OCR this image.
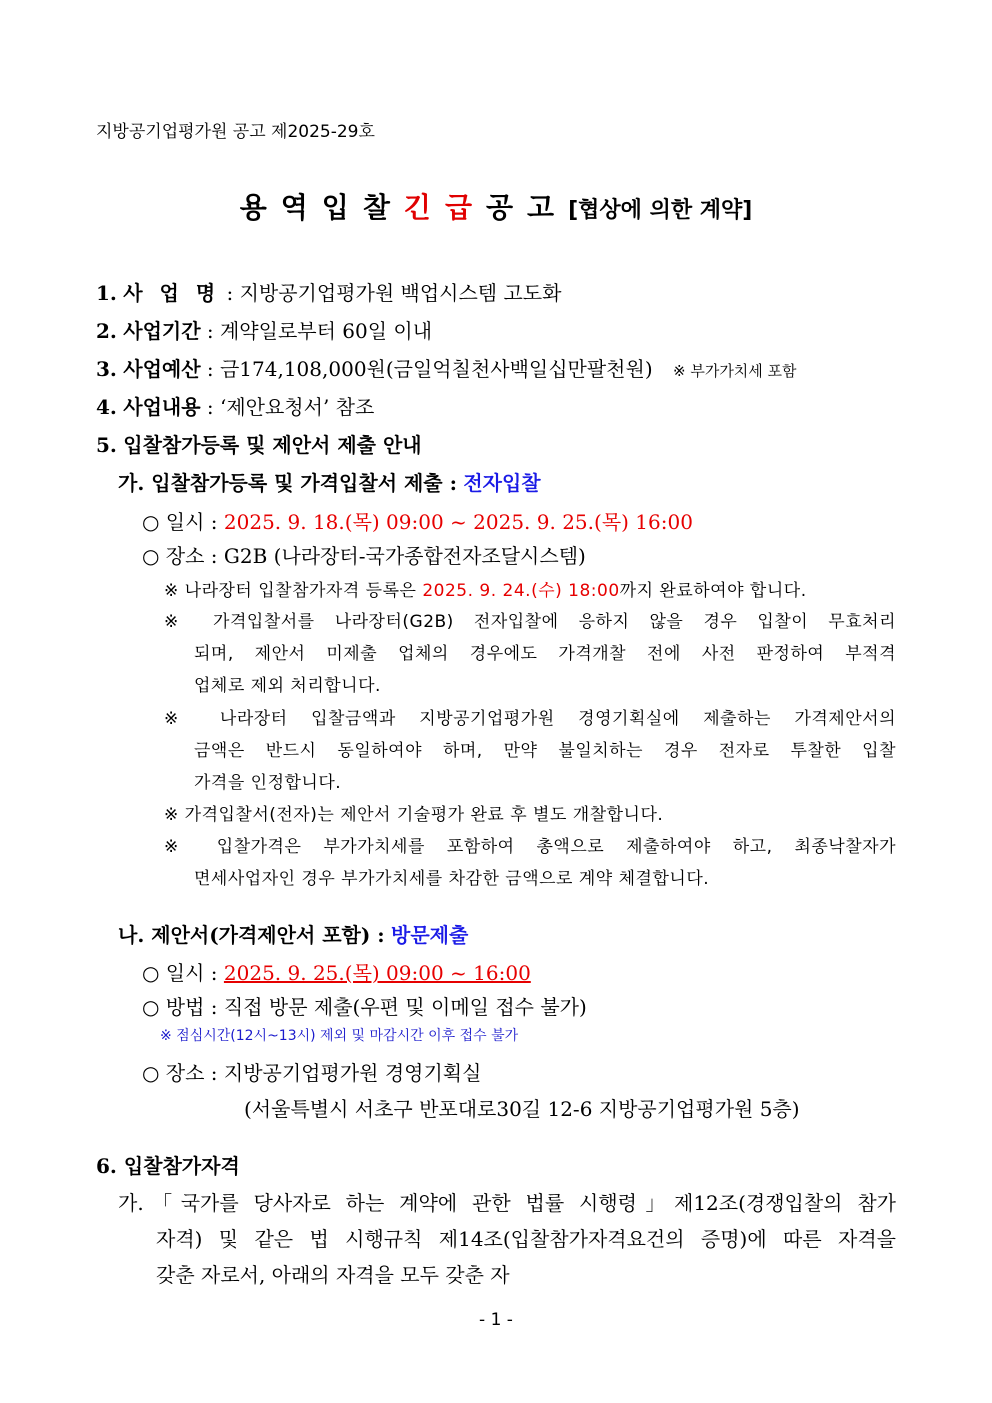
지방공기업평가원 공고 제2025-29호
용역입찰긴급공고[협상에 의한 계약]
1. 사 업 명 : 지방공기업평가원 백업시스템 고도화
2. 사업기간 : 계약일로부터 60일 이내
3. 사업예산 : 금174,108,000원(금일억칠천사백일십만팔천원) ※ 부가가치세 포함
4. 사업내용 : ‘제안요청서’ 참조
5. 입찰참가등록 및 제안서 제출 안내
가. 입찰참가등록 및 가격입찰서 제출 : 전자입찰
○ 일시 : 2025. 9. 18.(목) 09:00 ~ 2025. 9. 25.(목) 16:00
○ 장소 : G2B (나라장터-국가종합전자조달시스템)
※ 나라장터 입찰참가자격 등록은 2025. 9. 24.(수) 18:00까지 완료하여야 합니다.
※ 가격입찰서를 나라장터(G2B) 전자입찰에 응하지 않을 경우 입찰이 무효처리
되며, 제안서 미제출 업체의 경우에도 가격개찰 전에 사전 판정하여 부적격
업체로 제외 처리합니다.
※ 나라장터 입찰금액과 지방공기업평가원 경영기획실에 제출하는 가격제안서의
금액은 반드시 동일하여야 하며, 만약 불일치하는 경우 전자로 투찰한 입찰
가격을 인정합니다.
※ 가격입찰서(전자)는 제안서 기술평가 완료 후 별도 개찰합니다.
※ 입찰가격은 부가가치세를 포함하여 총액으로 제출하여야 하고, 최종낙찰자가
면세사업자인 경우 부가가치세를 차감한 금액으로 계약 체결합니다.
나. 제안서(가격제안서 포함) : 방문제출
○ 일시 : 2025. 9. 25.(목) 09:00 ~ 16:00
○ 방법 : 직접 방문 제출(우편 및 이메일 접수 불가)
※ 점심시간(12시~13시) 제외 및 마감시간 이후 접수 불가
○ 장소 : 지방공기업평가원 경영기획실
(서울특별시 서초구 반포대로30길 12-6 지방공기업평가원 5층)
6. 입찰참가자격
가.「국가를 당사자로 하는 계약에 관한 법률 시행령」제12조(경쟁입찰의 참가
자격) 및 같은 법 시행규칙 제14조(입찰참가자격요건의 증명)에 따른 자격을
갖춘 자로서, 아래의 자격을 모두 갖춘 자
- 1 -
